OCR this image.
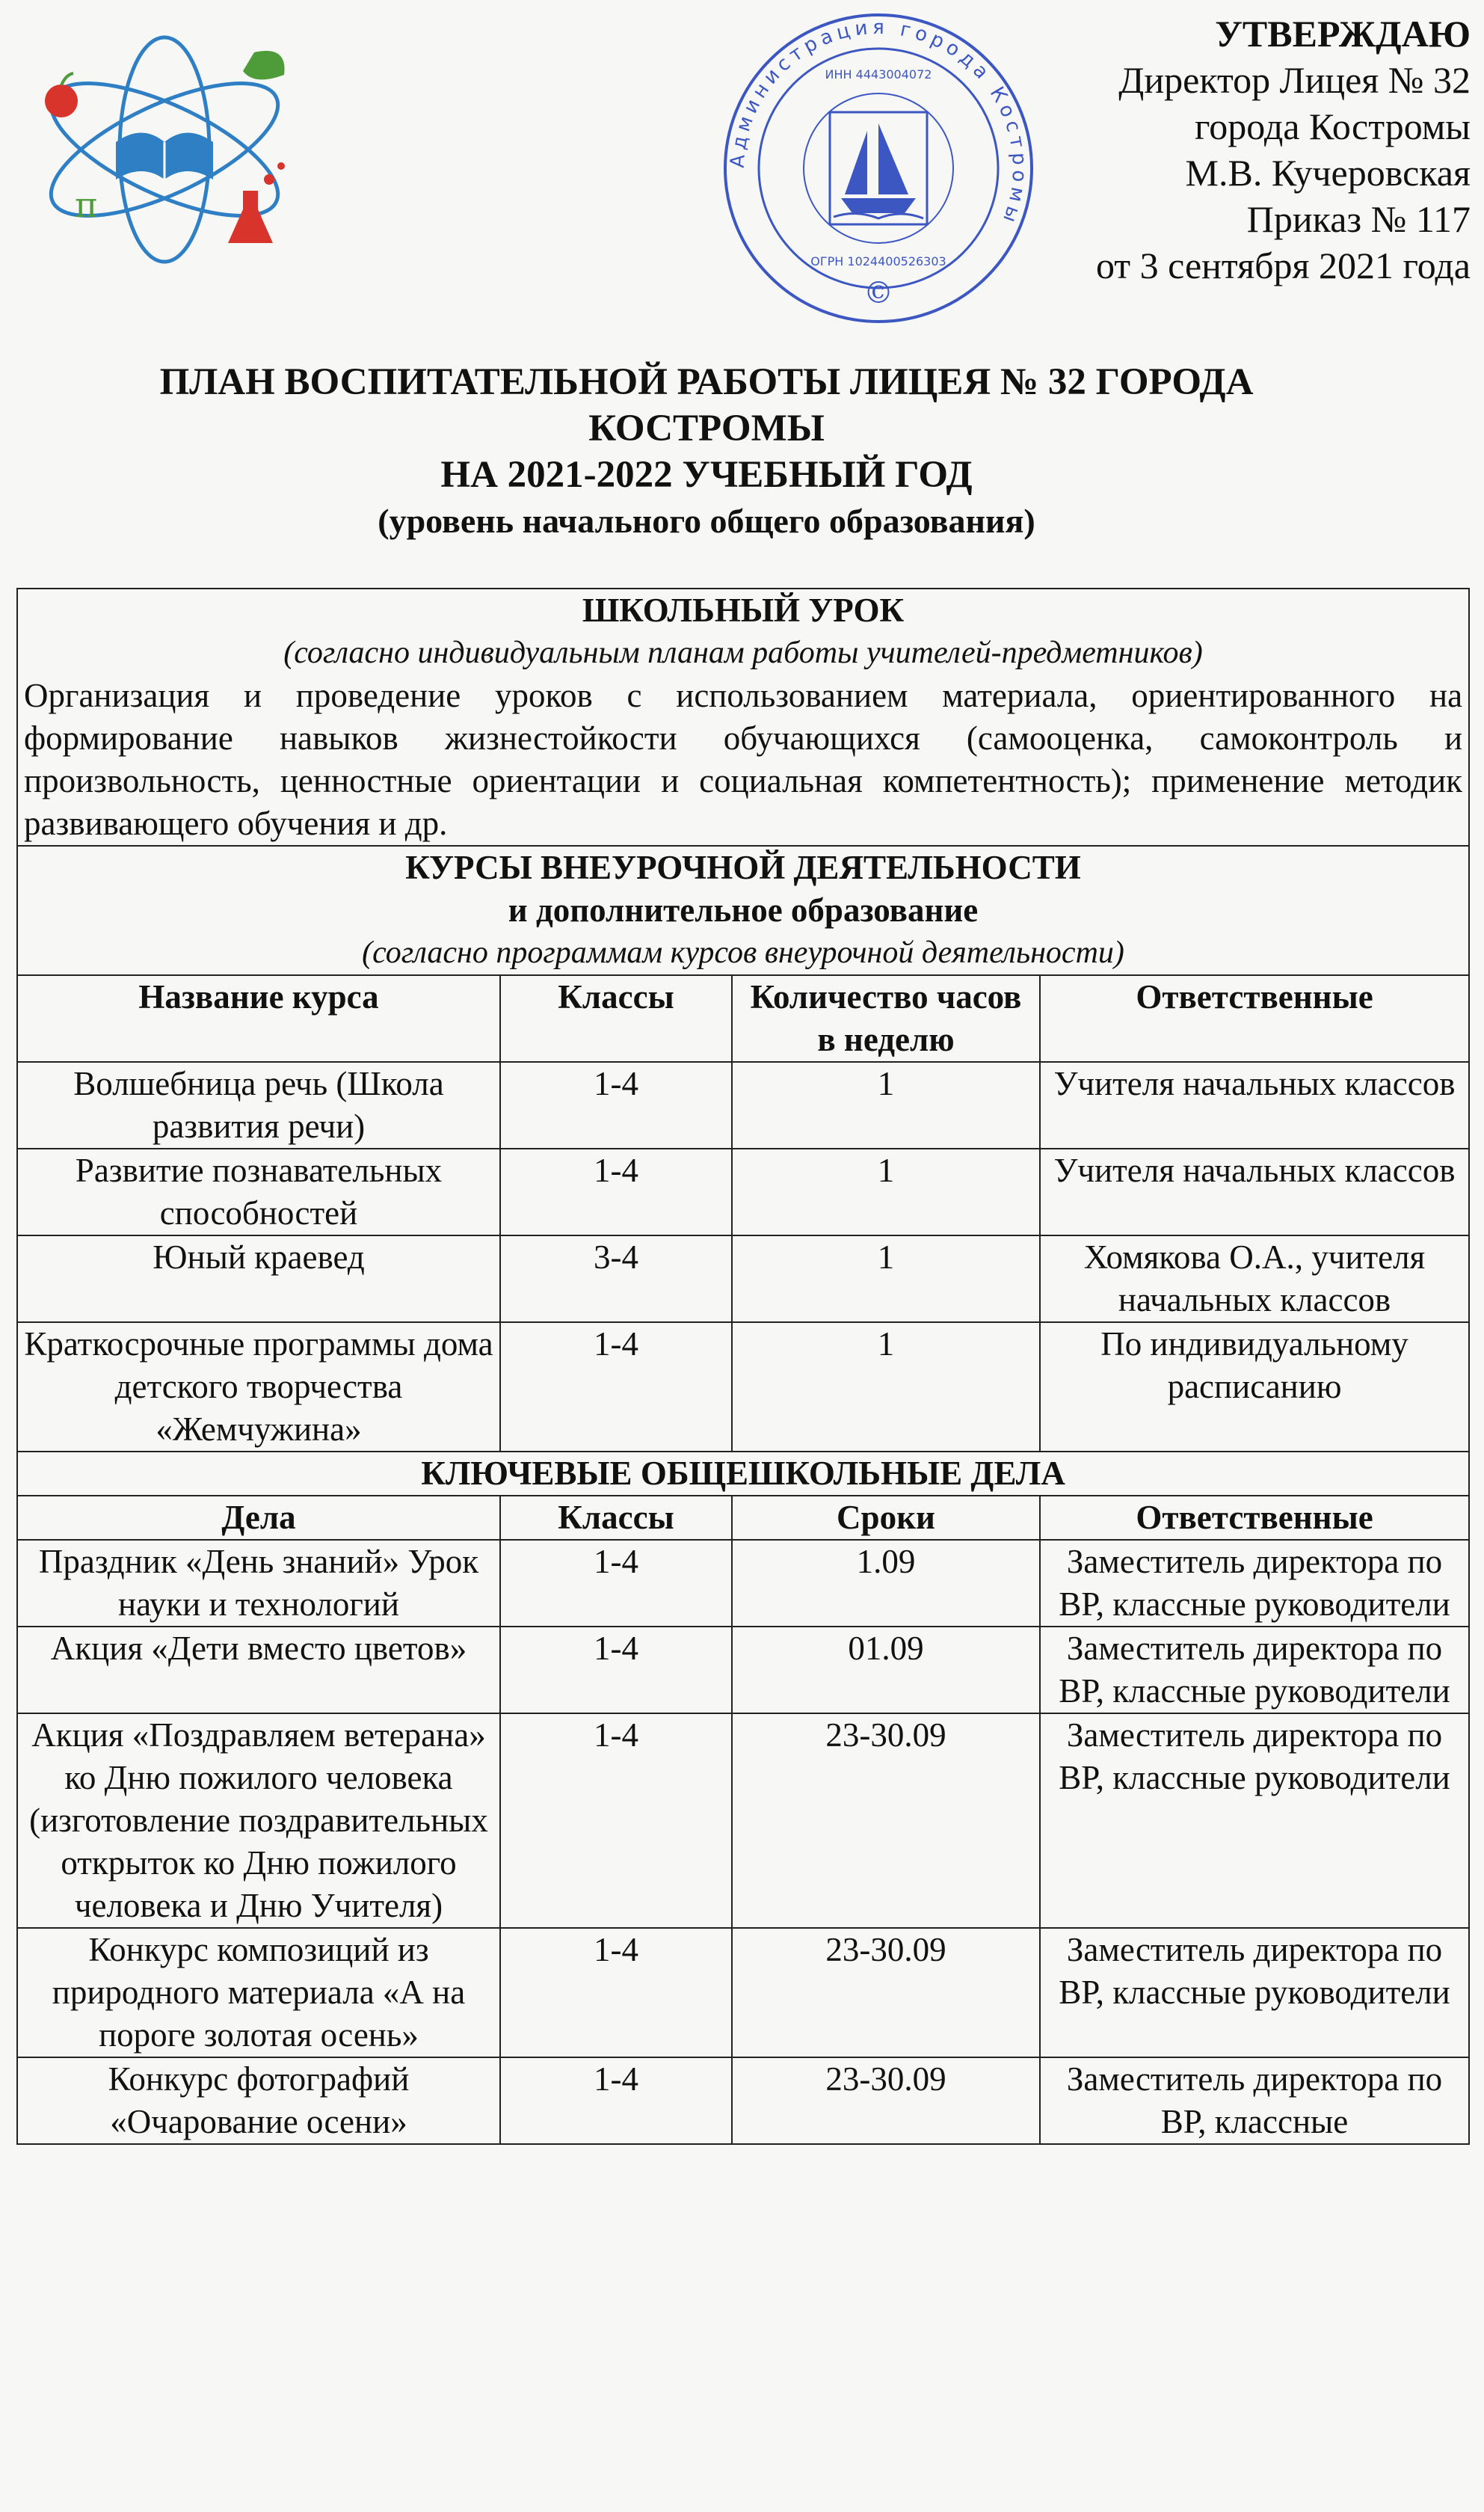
π
Администрация города Костромы
ИНН 4443004072
ОГРН 1024400526303
©
УТВЕРЖДАЮ
Директор Лицея № 32
города Костромы
М.В. Кучеровская
Приказ № 117
от 3 сентября 2021 года
ПЛАН ВОСПИТАТЕЛЬНОЙ РАБОТЫ ЛИЦЕЯ № 32 ГОРОДА
КОСТРОМЫ
НА 2021-2022 УЧЕБНЫЙ ГОД
(уровень начального общего образования)
ШКОЛЬНЫЙ УРОК
(согласно индивидуальным планам работы учителей-предметников)
Организация и проведение уроков с использованием материала, ориентированного на формирование навыков жизнестойкости обучающихся (самооценка, самоконтроль и произвольность, ценностные ориентации и социальная компетентность); применение методик развивающего обучения и др.			

КУРСЫ ВНЕУРОЧНОЙ ДЕЯТЕЛЬНОСТИ
и дополнительное образование
(согласно программам курсов внеурочной деятельности)			

Название курса	Классы	Количество часов в неделю	Ответственные
Волшебница речь (Школа развития речи)	1-4	1	Учителя начальных классов
Развитие познавательных способностей	1-4	1	Учителя начальных классов
Юный краевед	3-4	1	Хомякова О.А., учителя начальных классов
Краткосрочные программы дома детского творчества «Жемчужина»	1-4	1	По индивидуальному расписанию

КЛЮЧЕВЫЕ ОБЩЕШКОЛЬНЫЕ ДЕЛА			

Дела	Классы	Сроки	Ответственные
Праздник «День знаний» Урок науки и технологий	1-4	1.09	Заместитель директора по ВР, классные руководители
Акция «Дети вместо цветов»	1-4	01.09	Заместитель директора по ВР, классные руководители
Акция «Поздравляем ветерана» ко Дню пожилого человека (изготовление поздравительных открыток ко Дню пожилого человека и Дню Учителя)	1-4	23-30.09	Заместитель директора по ВР, классные руководители
Конкурс композиций из природного материала «А на пороге золотая осень»	1-4	23-30.09	Заместитель директора по ВР, классные руководители
Конкурс фотографий «Очарование осени»	1-4	23-30.09	Заместитель директора по ВР, классные
